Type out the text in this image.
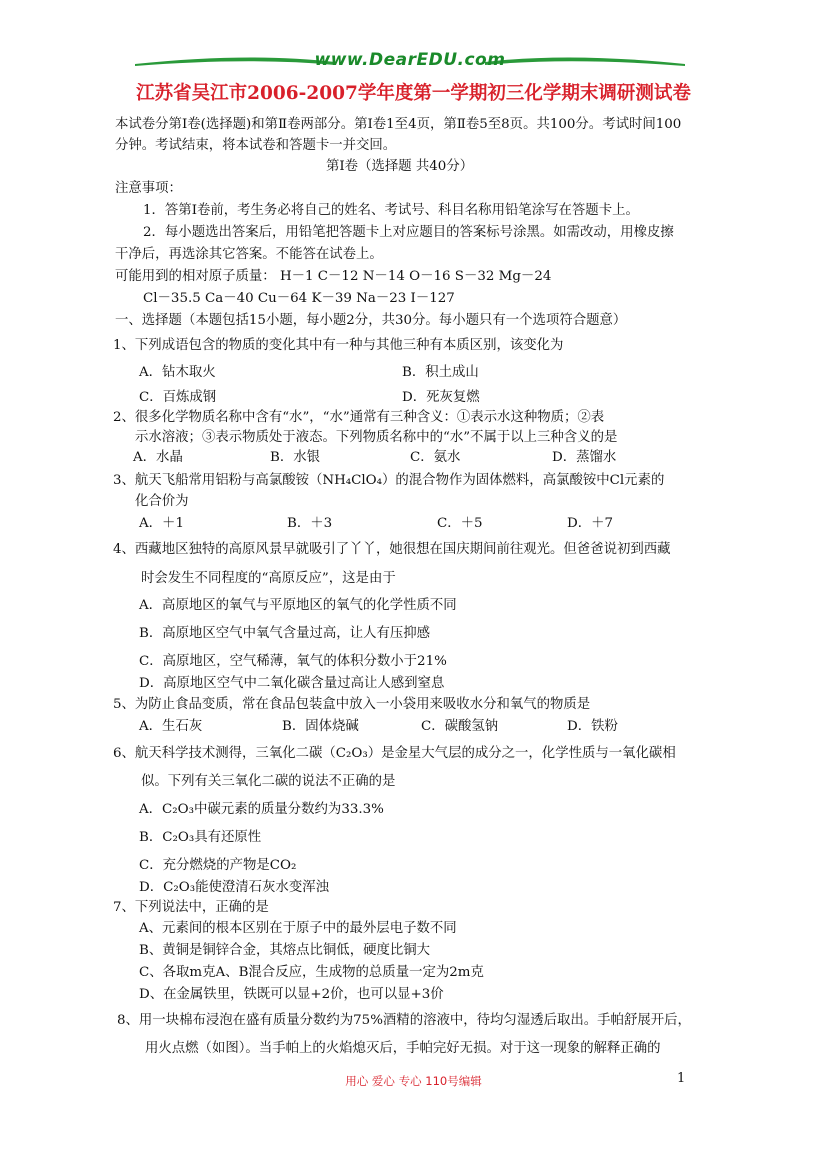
www.DearEDU.com
江苏省吴江市2006-2007学年度第一学期初三化学期末调研测试卷
本试卷分第Ⅰ卷(选择题)和第Ⅱ卷两部分。第Ⅰ卷1至4页，第Ⅱ卷5至8页。共100分。考试时间100
分钟。考试结束，将本试卷和答题卡一并交回。
第Ⅰ卷（选择题 共40分）
注意事项：
1．答第Ⅰ卷前，考生务必将自己的姓名、考试号、科目名称用铅笔涂写在答题卡上。
2．每小题选出答案后，用铅笔把答题卡上对应题目的答案标号涂黑。如需改动，用橡皮擦
干净后，再选涂其它答案。不能答在试卷上。
可能用到的相对原子质量： H－1 C－12 N－14 O－16 S－32 Mg－24
Cl－35.5 Ca－40 Cu－64 K－39 Na－23 I－127
一、选择题（本题包括15小题，每小题2分，共30分。每小题只有一个选项符合题意）
1、下列成语包含的物质的变化其中有一种与其他三种有本质区别，该变化为
A．钻木取火	B．积土成山
C．百炼成钢	D．死灰复燃
2、很多化学物质名称中含有“水”，“水”通常有三种含义：①表示水这种物质；②表
示水溶液；③表示物质处于液态。下列物质名称中的“水”不属于以上三种含义的是
A．水晶	B．水银	C．氨水	D．蒸馏水
3、航天飞船常用铝粉与高氯酸铵（NH₄ClO₄）的混合物作为固体燃料，高氯酸铵中Cl元素的
化合价为
A．＋1	B．＋3	C．＋5	D．＋7
4、西藏地区独特的高原风景早就吸引了丫丫，她很想在国庆期间前往观光。但爸爸说初到西藏
时会发生不同程度的“高原反应”，这是由于
A．高原地区的氧气与平原地区的氧气的化学性质不同
B．高原地区空气中氧气含量过高，让人有压抑感
C．高原地区，空气稀薄，氧气的体积分数小于21%
D．高原地区空气中二氧化碳含量过高让人感到窒息
5、为防止食品变质，常在食品包装盒中放入一小袋用来吸收水分和氧气的物质是
A．生石灰	B．固体烧碱	C．碳酸氢钠	D．铁粉
6、航天科学技术测得，三氧化二碳（C₂O₃）是金星大气层的成分之一，化学性质与一氧化碳相
似。下列有关三氧化二碳的说法不正确的是
A．C₂O₃中碳元素的质量分数约为33.3%
B．C₂O₃具有还原性
C．充分燃烧的产物是CO₂
D．C₂O₃能使澄清石灰水变浑浊
7、下列说法中，正确的是
A、元素间的根本区别在于原子中的最外层电子数不同
B、黄铜是铜锌合金，其熔点比铜低，硬度比铜大
C、各取m克A、B混合反应，生成物的总质量一定为2m克
D、在金属铁里，铁既可以显+2价，也可以显+3价
8、用一块棉布浸泡在盛有质量分数约为75%酒精的溶液中，待均匀湿透后取出。手帕舒展开后，
用火点燃（如图）。当手帕上的火焰熄灭后，手帕完好无损。对于这一现象的解释正确的
用心 爱心 专心 110号编辑	1
